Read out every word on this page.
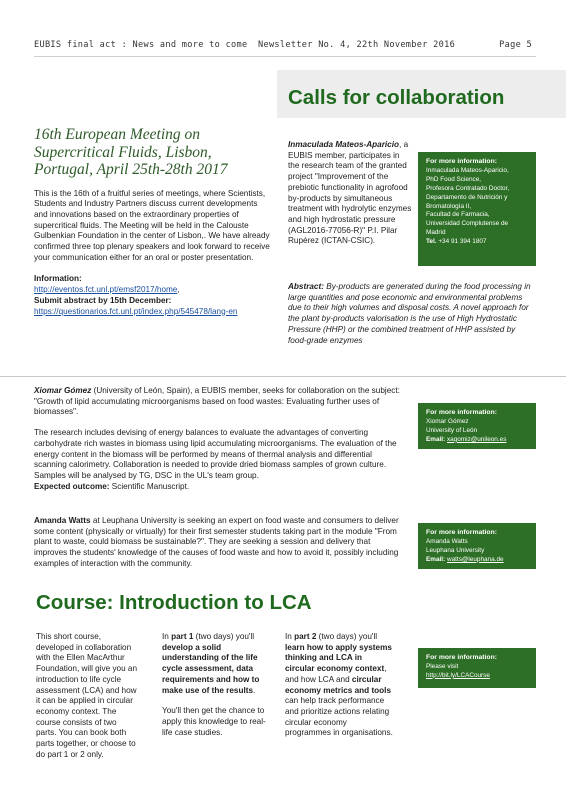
EUBIS final act : News and more to come Newsletter No. 4, 22th November 2016	Page 5
Calls for collaboration

16th European Meeting on Supercritical Fluids, Lisbon, Portugal, April 25th-28th 2017

This is the 16th of a fruitful series of meetings, where Scientists, Students and Industry Partners discuss current developments and innovations based on the extraordinary properties of supercritical fluids. The Meeting will be held in the Calouste Gulbenkian Foundation in the center of Lisbon,. We have already confirmed three top plenary speakers and look forward to receive your communication either for an oral or poster presentation.

Information:

http://eventos.fct.unl.pt/emsf2017/home,

Submit abstract by 15th December:

https://questionarios.fct.unl.pt/index.php/545478/lang-en

Inmaculada Mateos-Aparicio, a EUBIS member, participates in the research team of the granted project "Improvement of the prebiotic functionality in agrofood by-products by simultaneous treatment with hydrolytic enzymes and high hydrostatic pressure (AGL2016-77056-R)" P.I. Pilar Rupérez (ICTAN-CSIC).

For more information:

Inmaculada Mateos-Aparicio,

PhD Food Science,

Profesora Contratado Doctor,

Departamento de Nutrición y

Bromatología II,

Facultad de Farmacia,

Universidad Complutense de

Madrid

Tel. +34 91 394 1807

Abstract: By-products are generated during the food processing in large quantities and pose economic and environmental problems due to their high volumes and disposal costs. A novel approach for the plant by-products valorisation is the use of High Hydrostatic Pressure (HHP) or the combined treatment of HHP assisted by food-grade enzymes

Xiomar Gómez (University of León, Spain), a EUBIS member, seeks for collaboration on the subject: "Growth of lipid accumulating microorganisms based on food wastes: Evaluating further uses of biomasses".

The research includes devising of energy balances to evaluate the advantages of converting carbohydrate rich wastes in biomass using lipid accumulating microorganisms. The evaluation of the energy content in the biomass will be performed by means of thermal analysis and differential scanning calorimetry. Collaboration is needed to provide dried biomass samples of grown culture. Samples will be analysed by TG, DSC in the UL's team group.

Expected outcome: Scientific Manuscript.

For more information:

Xiomar Gómez

University of León

Email: xagomiz@unileon.es

Amanda Watts at Leuphana University is seeking an expert on food waste and consumers to deliver some content (physically or virtually) for their first semester students taking part in the module "From plant to waste, could biomass be sustainable?". They are seeking a session and delivery that improves the students' knowledge of the causes of food waste and how to avoid it, possibly including examples of interaction with the community.

For more information:

Amanda Watts

Leuphana University

Email: watts@leuphana.de

Course: Introduction to LCA

This short course, developed in collaboration with the Ellen MacArthur Foundation, will give you an introduction to life cycle assessment (LCA) and how it can be applied in circular economy context. The course consists of two parts. You can book both parts together, or choose to do part 1 or 2 only.

In part 1 (two days) you'll develop a solid understanding of the life cycle assessment, data requirements and how to make use of the results.

You'll then get the chance to apply this knowledge to real-life case studies.

In part 2 (two days) you'll learn how to apply systems thinking and LCA in circular economy context, and how LCA and circular economy metrics and tools can help track performance and prioritize actions relating circular economy programmes in organisations.

For more information:

Please visit

http://bit.ly/LCACourse
